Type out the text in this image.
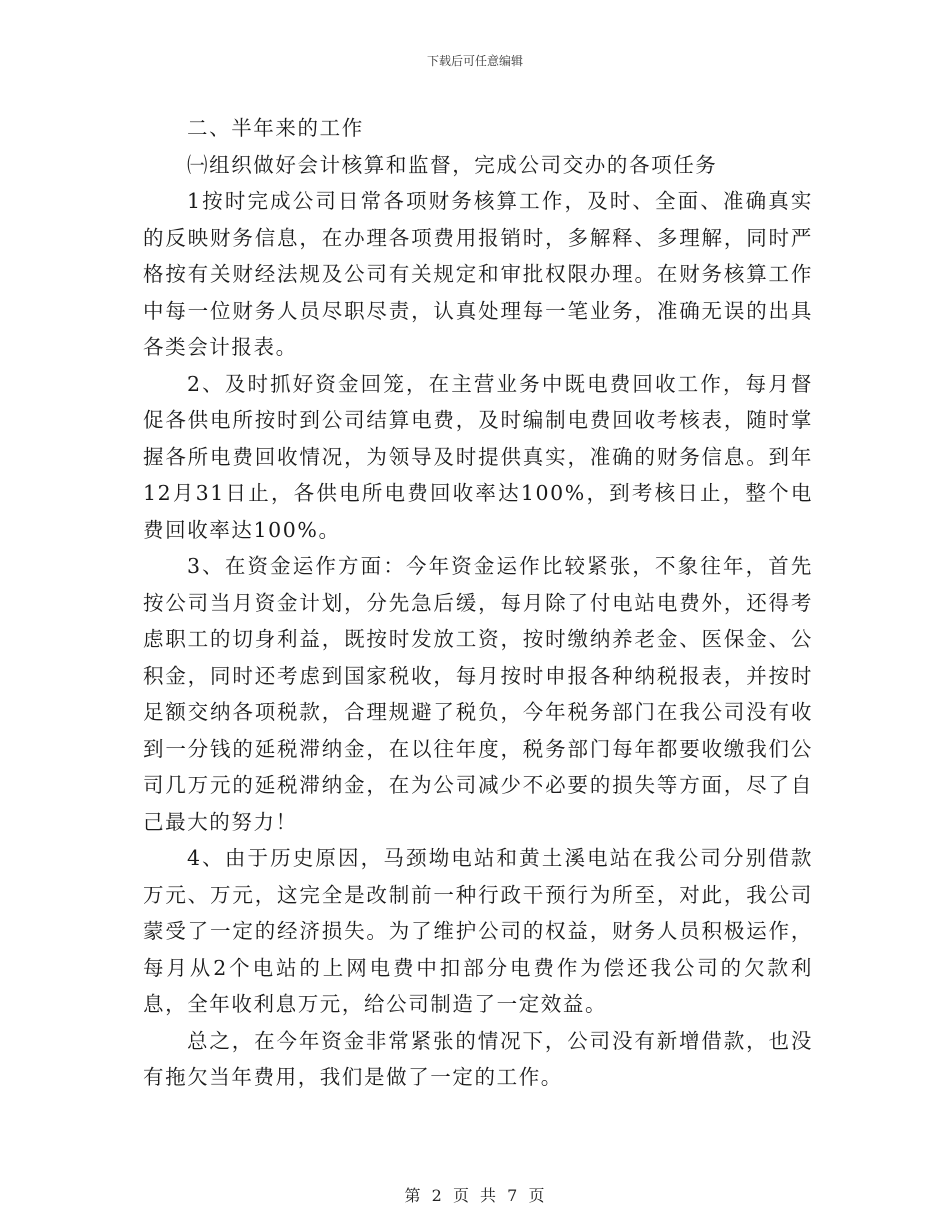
下载后可任意编辑

二、半年来的工作

㈠组织做好会计核算和监督，完成公司交办的各项任务

1按时完成公司日常各项财务核算工作，及时、全面、准确真实的反映财务信息，在办理各项费用报销时，多解释、多理解，同时严格按有关财经法规及公司有关规定和审批权限办理。在财务核算工作中每一位财务人员尽职尽责，认真处理每一笔业务，准确无误的出具各类会计报表。

2、及时抓好资金回笼，在主营业务中既电费回收工作，每月督促各供电所按时到公司结算电费，及时编制电费回收考核表，随时掌握各所电费回收情况，为领导及时提供真实，准确的财务信息。到年12月31日止，各供电所电费回收率达100%，到考核日止，整个电费回收率达100%。

3、在资金运作方面：今年资金运作比较紧张，不象往年，首先按公司当月资金计划，分先急后缓，每月除了付电站电费外，还得考虑职工的切身利益，既按时发放工资，按时缴纳养老金、医保金、公积金，同时还考虑到国家税收，每月按时申报各种纳税报表，并按时足额交纳各项税款，合理规避了税负，今年税务部门在我公司没有收到一分钱的延税滞纳金，在以往年度，税务部门每年都要收缴我们公司几万元的延税滞纳金，在为公司减少不必要的损失等方面，尽了自己最大的努力！

4、由于历史原因，马颈坳电站和黄土溪电站在我公司分别借款万元、万元，这完全是改制前一种行政干预行为所至，对此，我公司蒙受了一定的经济损失。为了维护公司的权益，财务人员积极运作，每月从2个电站的上网电费中扣部分电费作为偿还我公司的欠款利息，全年收利息万元，给公司制造了一定效益。

总之，在今年资金非常紧张的情况下，公司没有新增借款，也没有拖欠当年费用，我们是做了一定的工作。

第 2 页 共 7 页
